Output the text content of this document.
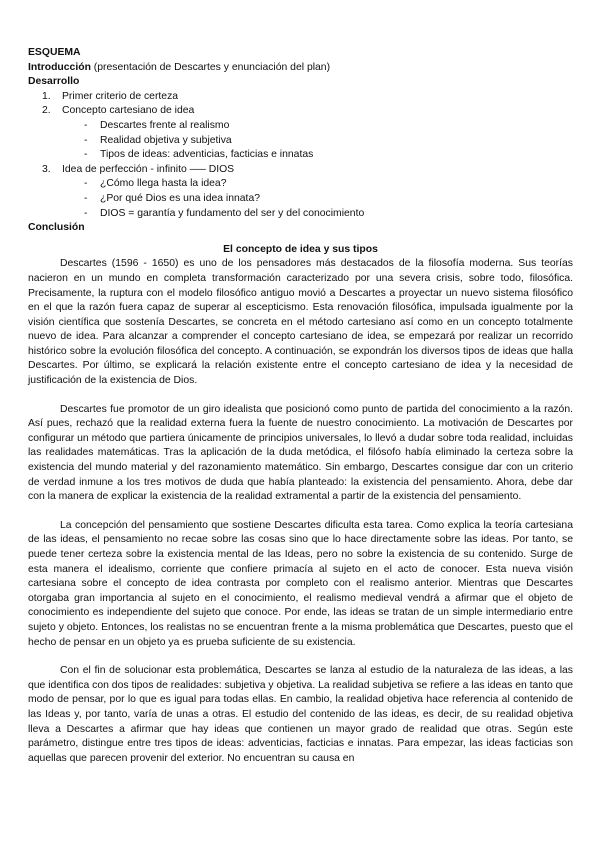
ESQUEMA
Introducción (presentación de Descartes y enunciación del plan)
Desarrollo
1. Primer criterio de certeza
2. Concepto cartesiano de idea
- Descartes frente al realismo
- Realidad objetiva y subjetiva
- Tipos de ideas: adventicias, facticias e innatas
3. Idea de perfección - infinito —– DIOS
- ¿Cómo llega hasta la idea?
- ¿Por qué Dios es una idea innata?
- DIOS = garantía y fundamento del ser y del conocimiento
Conclusión
El concepto de idea y sus tipos

Descartes (1596 - 1650) es uno de los pensadores más destacados de la filosofía moderna. Sus teorías nacieron en un mundo en completa transformación caracterizado por una severa crisis, sobre todo, filosófica. Precisamente, la ruptura con el modelo filosófico antiguo movió a Descartes a proyectar un nuevo sistema filosófico en el que la razón fuera capaz de superar al escepticismo. Esta renovación filosófica, impulsada igualmente por la visión científica que sostenía Descartes, se concreta en el método cartesiano así como en un concepto totalmente nuevo de idea. Para alcanzar a comprender el concepto cartesiano de idea, se empezará por realizar un recorrido histórico sobre la evolución filosófica del concepto. A continuación, se expondrán los diversos tipos de ideas que halla Descartes. Por último, se explicará la relación existente entre el concepto cartesiano de idea y la necesidad de justificación de la existencia de Dios.

Descartes fue promotor de un giro idealista que posicionó como punto de partida del conocimiento a la razón. Así pues, rechazó que la realidad externa fuera la fuente de nuestro conocimiento. La motivación de Descartes por configurar un método que partiera únicamente de principios universales, lo llevó a dudar sobre toda realidad, incluidas las realidades matemáticas. Tras la aplicación de la duda metódica, el filósofo había eliminado la certeza sobre la existencia del mundo material y del razonamiento matemático. Sin embargo, Descartes consigue dar con un criterio de verdad inmune a los tres motivos de duda que había planteado: la existencia del pensamiento. Ahora, debe dar con la manera de explicar la existencia de la realidad extramental a partir de la existencia del pensamiento.

La concepción del pensamiento que sostiene Descartes dificulta esta tarea. Como explica la teoría cartesiana de las ideas, el pensamiento no recae sobre las cosas sino que lo hace directamente sobre las ideas. Por tanto, se puede tener certeza sobre la existencia mental de las Ideas, pero no sobre la existencia de su contenido. Surge de esta manera el idealismo, corriente que confiere primacía al sujeto en el acto de conocer. Esta nueva visión cartesiana sobre el concepto de idea contrasta por completo con el realismo anterior. Mientras que Descartes otorgaba gran importancia al sujeto en el conocimiento, el realismo medieval vendrá a afirmar que el objeto de conocimiento es independiente del sujeto que conoce. Por ende, las ideas se tratan de un simple intermediario entre sujeto y objeto. Entonces, los realistas no se encuentran frente a la misma problemática que Descartes, puesto que el hecho de pensar en un objeto ya es prueba suficiente de su existencia.

Con el fin de solucionar esta problemática, Descartes se lanza al estudio de la naturaleza de las ideas, a las que identifica con dos tipos de realidades: subjetiva y objetiva. La realidad subjetiva se refiere a las ideas en tanto que modo de pensar, por lo que es igual para todas ellas. En cambio, la realidad objetiva hace referencia al contenido de las Ideas y, por tanto, varía de unas a otras. El estudio del contenido de las ideas, es decir, de su realidad objetiva lleva a Descartes a afirmar que hay ideas que contienen un mayor grado de realidad que otras. Según este parámetro, distingue entre tres tipos de ideas: adventicias, facticias e innatas. Para empezar, las ideas facticias son aquellas que parecen provenir del exterior. No encuentran su causa en
